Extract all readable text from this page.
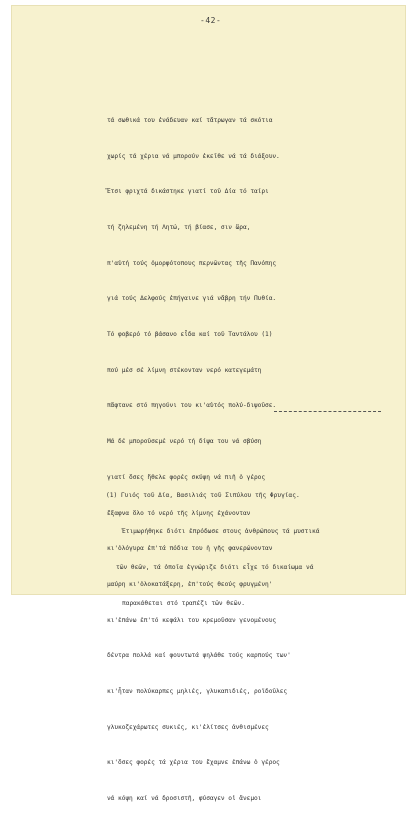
-42-

τά σωθικά του ἐνάδευαν καί τἄτρωγαν τά σκότια

χωρίς τά χέρια νά μπορούν ἐκεῖθε νά τά διάξουν.

Ἔτσι φριχτά δικάστηκε γιατί τοῦ Δία τό ταίρι

τή ζηλεμένη τή Λητώ, τή βίασε, σιν ὥρα,

π'αὐτή τούς ὀμορφότοπους περνῶντας τῆς Πανόπης

γιά τούς Δελφούς ἐπήγαινε γιά νἄβρη τήν Πυθία.

Τό φοβερό τό βάσανο εἶδα καί τοῦ Ταντάλου (1)

πού μέσ σέ λίμνη στέκονταν νερό κατεγεμάτη

πἄφτανε στό πηγούνι του κι'αὐτός πολύ-διψοῦσε.

Μά δέ μποροῦσεμέ νερό τή δίψα του νά σβύση

γιατί ὅσες ἤθελε φορές σκύψη νά πιῆ ὁ γέρος

ἔξαφνα ὅλο τό νερό τῆς λίμνης ἐχάνονταν

κι'ὁλόγυρα ἐπ'τά πόδια του ἡ γῆς φανερώνονταν

μαύρη κι'ὁλοκατάξερη, ἐπ'τούς θεούς φρυγμένη'

κι'ἐπάνω ἐπ'τό κεφάλι του κρεμοῦσαν γενομένους

δέντρα πολλά καί φουντωτά ψηλάθε τούς καρπούς των'

κι'ἦταν πολύκαρπες μηλιές, γλυκαπιδιές, ροϊδοῦλες

γλυκοζεχάρωτες συκιές, κι'ἐλίτσες ἀνθισμένες

κι'ὅσες φορές τά χέρια του ἔχαμνε ἐπάνω ὁ γέρος

νά κόψη καί νά δροσιστῆ, φύσαγεν οἱ ἄνεμοι

(1) Γυιός τοῦ Δία, Βασιλιάς τοῦ Σιπύλου τῆς Φρυγίας.

Ἐτιμωρήθηκε διότι ἐπρόδωσε στους ἀνθρώπους τά μυστικά

τῶν θεῶν, τά ὁποῖα ἐγνώριζε διότι εἶχε τό δικαίωμα νά

παρακάθεται στό τραπέζι τῶν θεῶν.
